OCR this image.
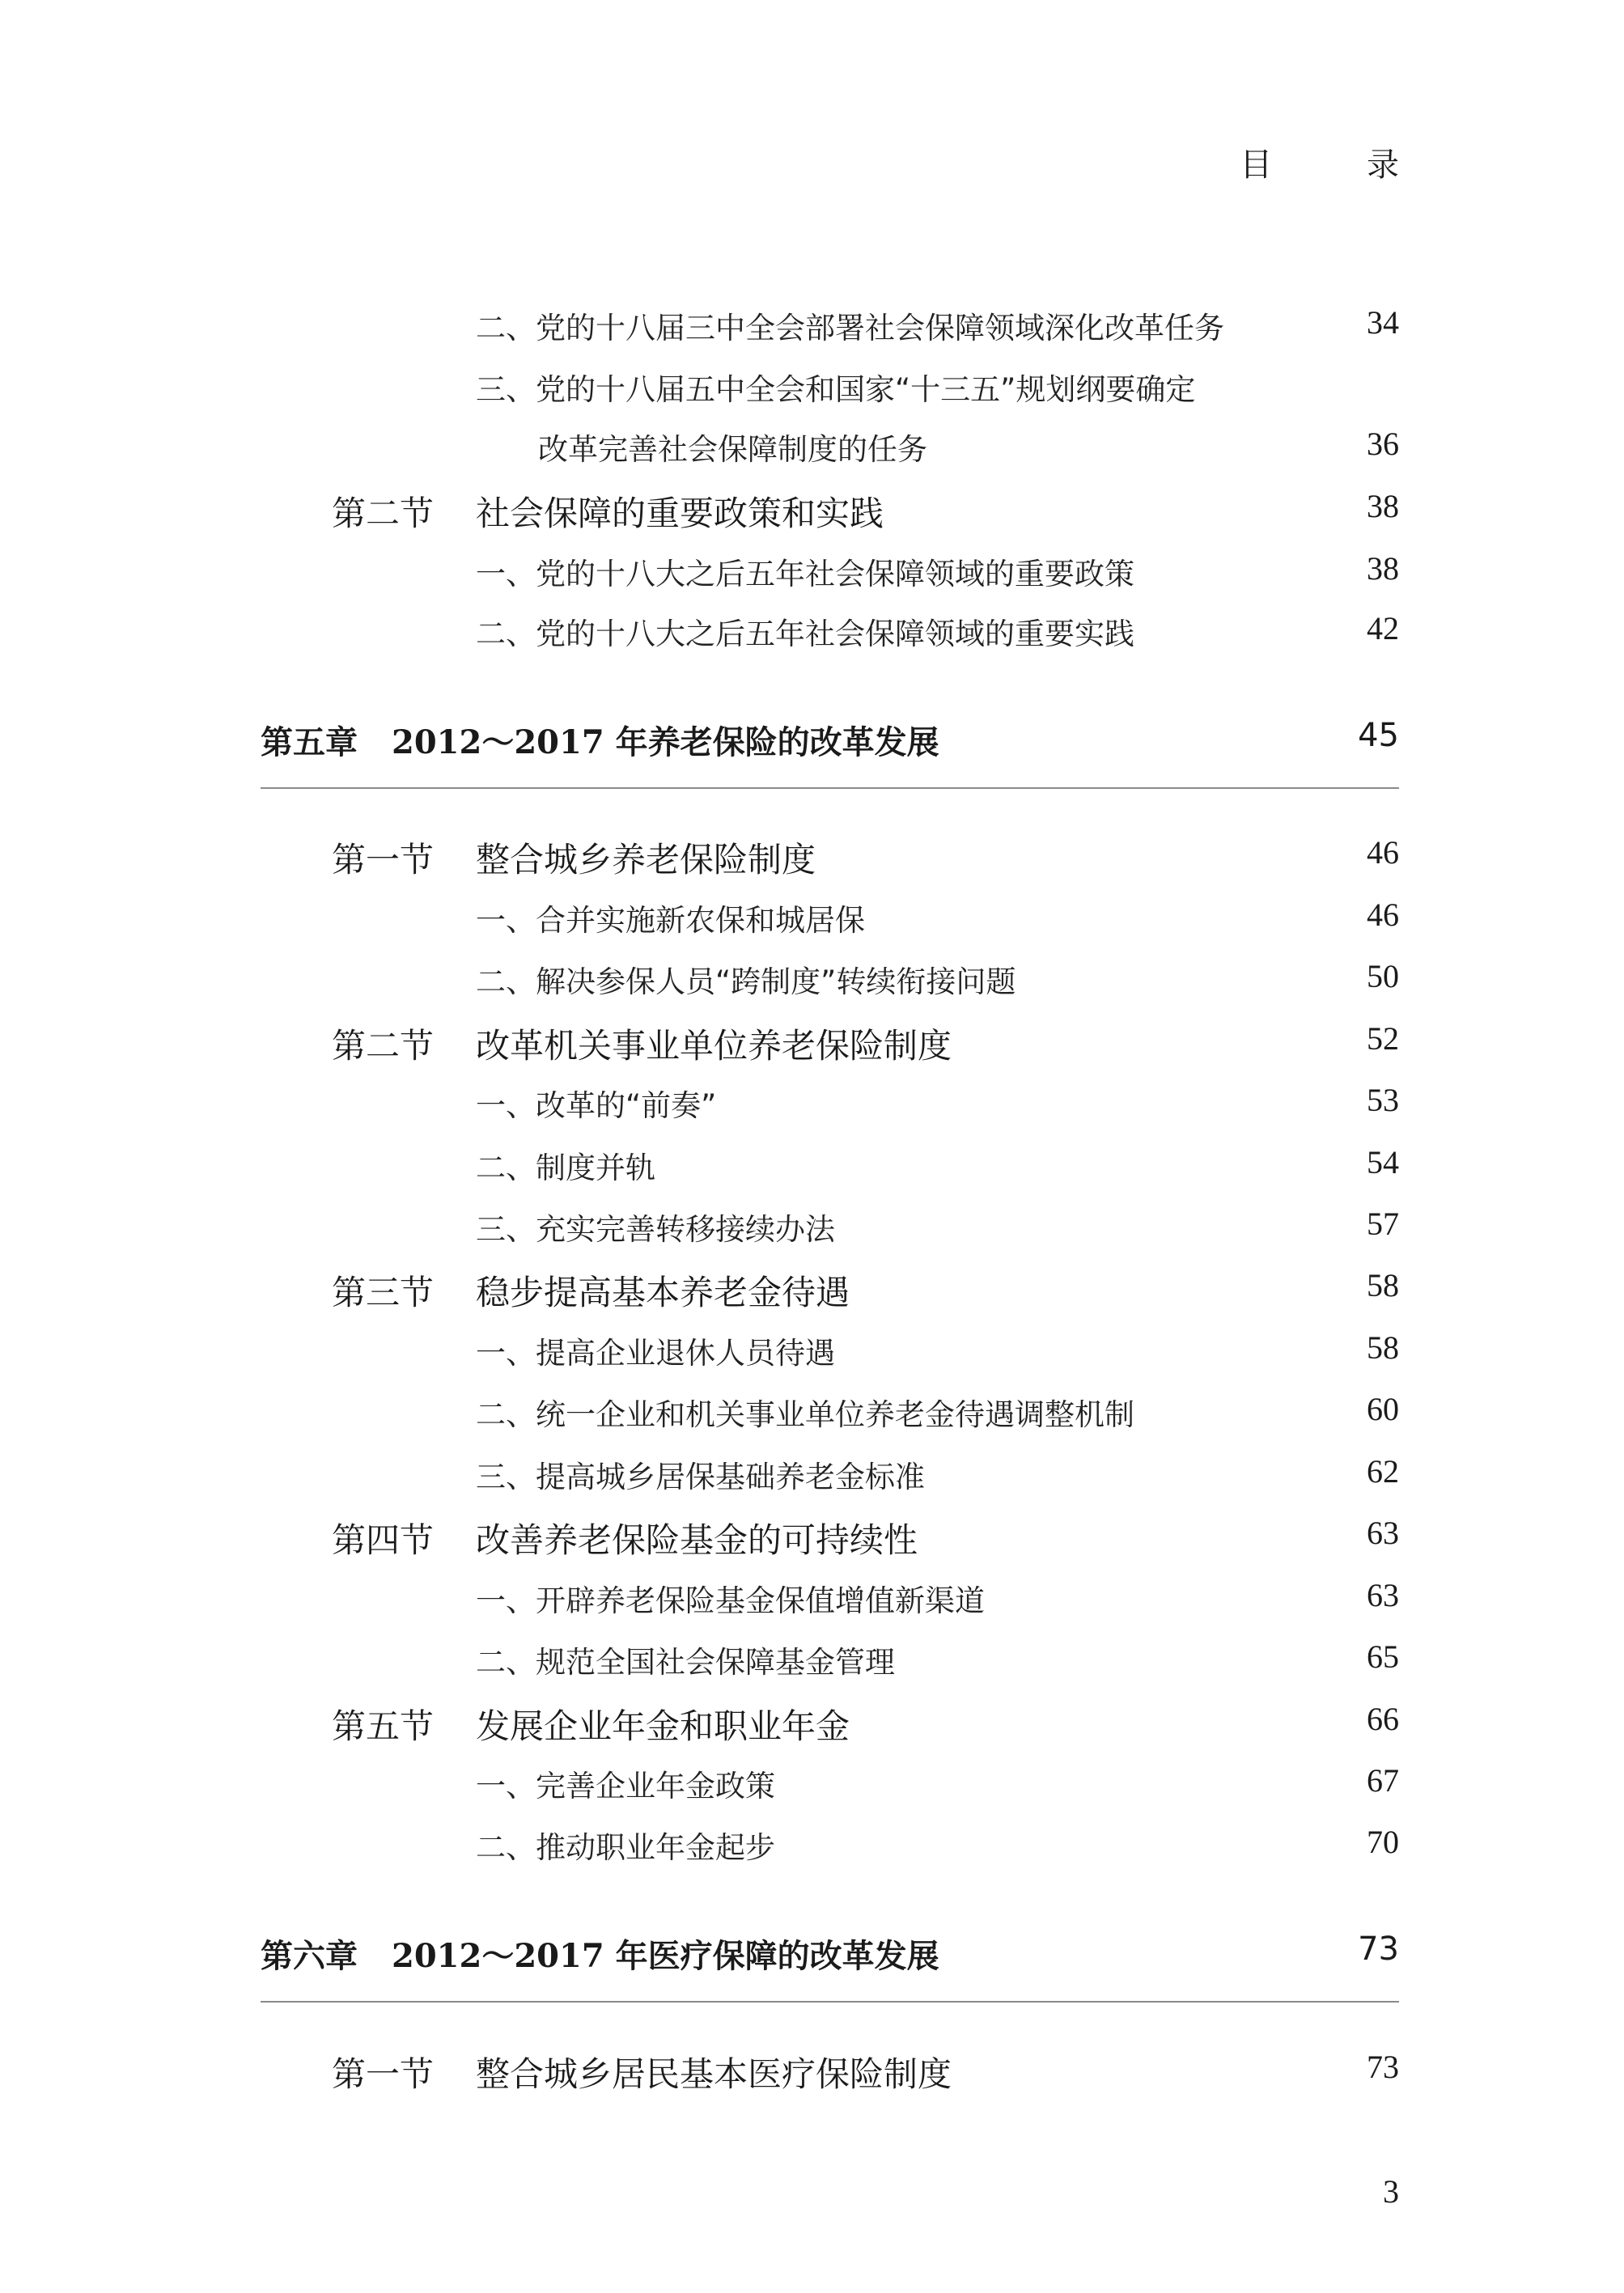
目 录
二、党的十八届三中全会部署社会保障领域深化改革任务	34
三、党的十八届五中全会和国家“十三五”规划纲要确定
改革完善社会保障制度的任务	36
第二节 社会保障的重要政策和实践	38
一、党的十八大之后五年社会保障领域的重要政策	38
二、党的十八大之后五年社会保障领域的重要实践	42
第五章 2012～2017 年养老保险的改革发展	45
第一节 整合城乡养老保险制度	46
一、合并实施新农保和城居保	46
二、解决参保人员“跨制度”转续衔接问题	50
第二节 改革机关事业单位养老保险制度	52
一、改革的“前奏”	53
二、制度并轨	54
三、充实完善转移接续办法	57
第三节 稳步提高基本养老金待遇	58
一、提高企业退休人员待遇	58
二、统一企业和机关事业单位养老金待遇调整机制	60
三、提高城乡居保基础养老金标准	62
第四节 改善养老保险基金的可持续性	63
一、开辟养老保险基金保值增值新渠道	63
二、规范全国社会保障基金管理	65
第五节 发展企业年金和职业年金	66
一、完善企业年金政策	67
二、推动职业年金起步	70
第六章 2012～2017 年医疗保障的改革发展	73
第一节 整合城乡居民基本医疗保险制度	73
3
